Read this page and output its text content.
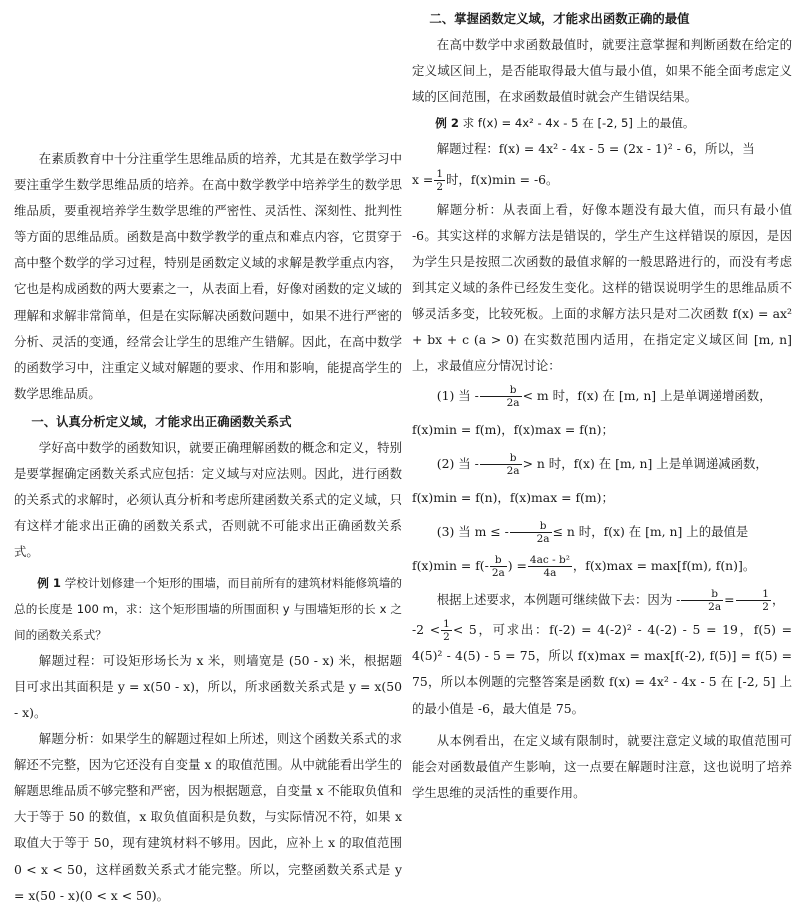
在素质教育中十分注重学生思维品质的培养，尤其是在数学学习中要注重学生数学思维品质的培养。在高中数学教学中培养学生的数学思维品质，要重视培养学生数学思维的严密性、灵活性、深刻性、批判性等方面的思维品质。函数是高中数学教学的重点和难点内容，它贯穿于高中整个数学的学习过程，特别是函数定义域的求解是教学重点内容，它也是构成函数的两大要素之一，从表面上看，好像对函数的定义域的理解和求解非常简单，但是在实际解决函数问题中，如果不进行严密的分析、灵活的变通，经常会让学生的思维产生错解。因此，在高中数学的函数学习中，注重定义域对解题的要求、作用和影响，能提高学生的数学思维品质。

一、认真分析定义域，才能求出正确函数关系式

学好高中数学的函数知识，就要正确理解函数的概念和定义，特别是要掌握确定函数关系式应包括：定义域与对应法则。因此，进行函数的关系式的求解时，必须认真分析和考虑所建函数关系式的定义域，只有这样才能求出正确的函数关系式，否则就不可能求出正确函数关系式。

例 1 学校计划修建一个矩形的围墙，而目前所有的建筑材料能修筑墙的总的长度是 100 m，求：这个矩形围墙的所围面积 y 与围墙矩形的长 x 之间的函数关系式？

解题过程：可设矩形场长为 x 米，则墙宽是 (50 - x) 米，根据题目可求出其面积是 y = x(50 - x)，所以，所求函数关系式是 y = x(50 - x)。

解题分析：如果学生的解题过程如上所述，则这个函数关系式的求解还不完整，因为它还没有自变量 x 的取值范围。从中就能看出学生的解题思维品质不够完整和严密，因为根据题意，自变量 x 不能取负值和大于等于 50 的数值，x 取负值面积是负数，与实际情况不符，如果 x 取值大于等于 50，现有建筑材料不够用。因此，应补上 x 的取值范围 0 < x < 50，这样函数关系式才能完整。所以，完整函数关系式是 y = x(50 - x)(0 < x < 50)。

二、掌握函数定义域，才能求出函数正确的最值

在高中数学中求函数最值时，就要注意掌握和判断函数在给定的定义域区间上，是否能取得最大值与最小值，如果不能全面考虑定义域的区间范围，在求函数最值时就会产生错误结果。

例 2 求 f(x) = 4x² - 4x - 5 在 [-2, 5] 上的最值。

解题过程：f(x) = 4x² - 4x - 5 = (2x - 1)² - 6，所以，当

$x = \frac{1}{2}$ 时，f(x)min = -6。

解题分析：从表面上看，好像本题没有最大值，而只有最小值 -6。其实这样的求解方法是错误的，学生产生这样错误的原因，是因为学生只是按照二次函数的最值求解的一般思路进行的，而没有考虑到其定义域的条件已经发生变化。这样的错误说明学生的思维品质不够灵活多变，比较死板。上面的求解方法只是对二次函数 f(x) = ax² + bx + c (a > 0) 在实数范围内适用，在指定定义域区间 [m, n] 上，求最值应分情况讨论：

(1) 当 - $\frac{b}{2a} < m$ 时，f(x) 在 [m, n] 上是单调递增函数，
f(x)min = f(m)，f(x)max = f(n)；
(2) 当 - $\frac{b}{2a} > n$ 时，f(x) 在 [m, n] 上是单调递减函数，
f(x)min = f(n)，f(x)max = f(m)；
(3) 当 m ≤ - $\frac{b}{2a} \le n$ 时，f(x) 在 [m, n] 上的最值是
$f(x)\min = f(- \frac{b}{2a}$ ) = $\frac{\text{4ac - b²}}{4a}$ ，f(x)max = max[f(m), f(n)]。
根据上述要求，本例题可继续做下去：因为 - $\frac{b}{2a} = \frac{1}{2}$ ，

$-2 < \frac{1}{2} < 5$，可求出：f(-2) = 4(-2)² - 4(-2) - 5 = 19，f(5) = 4(5)² - 4(5) - 5 = 75，所以 f(x)max = max[f(-2), f(5)] = f(5) = 75，所以本例题的完整答案是函数 f(x) = 4x² - 4x - 5 在 [-2, 5] 上的最小值是 -6，最大值是 75。

从本例看出，在定义域有限制时，就要注意定义域的取值范围可能会对函数最值产生影响，这一点要在解题时注意，这也说明了培养学生思维的灵活性的重要作用。
